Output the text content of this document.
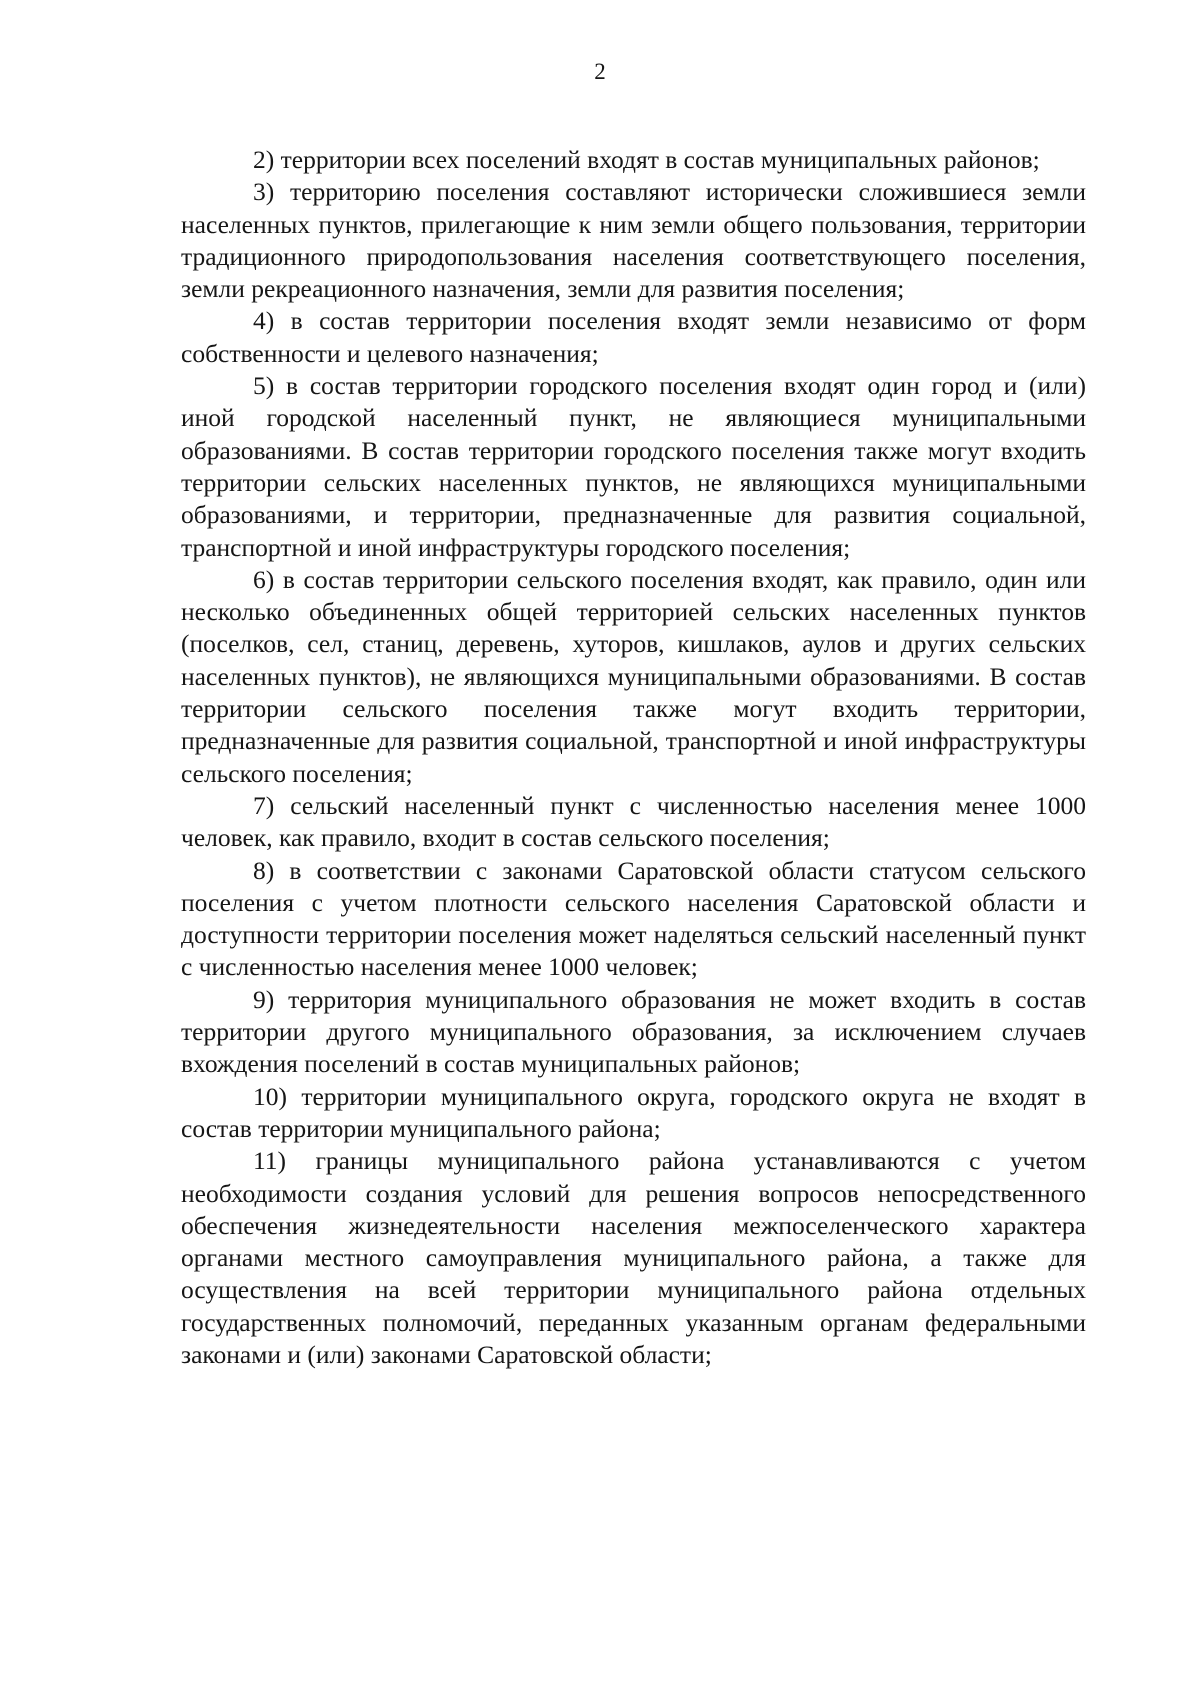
2

2) территории всех поселений входят в состав муниципальных районов;

3) территорию поселения составляют исторически сложившиеся земли населенных пунктов, прилегающие к ним земли общего пользования, территории традиционного природопользования населения соответствующего поселения, земли рекреационного назначения, земли для развития поселения;

4) в состав территории поселения входят земли независимо от форм собственности и целевого назначения;

5) в состав территории городского поселения входят один город и (или) иной городской населенный пункт, не являющиеся муниципальными образованиями. В состав территории городского поселения также могут входить территории сельских населенных пунктов, не являющихся муниципальными образованиями, и территории, предназначенные для развития социальной, транспортной и иной инфраструктуры городского поселения;

6) в состав территории сельского поселения входят, как правило, один или несколько объединенных общей территорией сельских населенных пунктов (поселков, сел, станиц, деревень, хуторов, кишлаков, аулов и других сельских населенных пунктов), не являющихся муниципальными образованиями. В состав территории сельского поселения также могут входить территории, предназначенные для развития социальной, транспортной и иной инфраструктуры сельского поселения;

7) сельский населенный пункт с численностью населения менее 1000 человек, как правило, входит в состав сельского поселения;

8) в соответствии с законами Саратовской области статусом сельского поселения с учетом плотности сельского населения Саратовской области и доступности территории поселения может наделяться сельский населенный пункт с численностью населения менее 1000 человек;

9) территория муниципального образования не может входить в состав территории другого муниципального образования, за исключением случаев вхождения поселений в состав муниципальных районов;

10) территории муниципального округа, городского округа не входят в состав территории муниципального района;

11) границы муниципального района устанавливаются с учетом необходимости создания условий для решения вопросов непосредственного обеспечения жизнедеятельности населения межпоселенческого характера органами местного самоуправления муниципального района, а также для осуществления на всей территории муниципального района отдельных государственных полномочий, переданных указанным органам федеральными законами и (или) законами Саратовской области;
